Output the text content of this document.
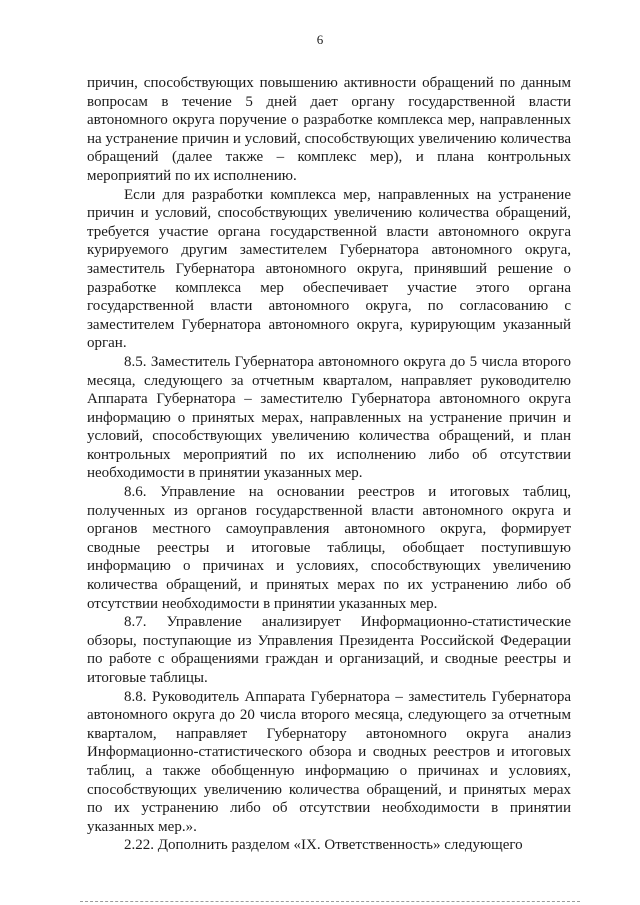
6

причин, способствующих повышению активности обращений по данным вопросам в течение 5 дней дает органу государственной власти автономного округа поручение о разработке комплекса мер, направленных на устранение причин и условий, способствующих увеличению количества обращений (далее также – комплекс мер), и плана контрольных мероприятий по их исполнению.

Если для разработки комплекса мер, направленных на устранение причин и условий, способствующих увеличению количества обращений, требуется участие органа государственной власти автономного округа курируемого другим заместителем Губернатора автономного округа, заместитель Губернатора автономного округа, принявший решение о разработке комплекса мер обеспечивает участие этого органа государственной власти автономного округа, по согласованию с заместителем Губернатора автономного округа, курирующим указанный орган.

8.5. Заместитель Губернатора автономного округа до 5 числа второго месяца, следующего за отчетным кварталом, направляет руководителю Аппарата Губернатора – заместителю Губернатора автономного округа информацию о принятых мерах, направленных на устранение причин и условий, способствующих увеличению количества обращений, и план контрольных мероприятий по их исполнению либо об отсутствии необходимости в принятии указанных мер.

8.6. Управление на основании реестров и итоговых таблиц, полученных из органов государственной власти автономного округа и органов местного самоуправления автономного округа, формирует сводные реестры и итоговые таблицы, обобщает поступившую информацию о причинах и условиях, способствующих увеличению количества обращений, и принятых мерах по их устранению либо об отсутствии необходимости в принятии указанных мер.

8.7. Управление анализирует Информационно-статистические обзоры, поступающие из Управления Президента Российской Федерации по работе с обращениями граждан и организаций, и сводные реестры и итоговые таблицы.

8.8. Руководитель Аппарата Губернатора – заместитель Губернатора автономного округа до 20 числа второго месяца, следующего за отчетным кварталом, направляет Губернатору автономного округа анализ Информационно-статистического обзора и сводных реестров и итоговых таблиц, а также обобщенную информацию о причинах и условиях, способствующих увеличению количества обращений, и принятых мерах по их устранению либо об отсутствии необходимости в принятии указанных мер.».

2.22. Дополнить разделом «IX. Ответственность» следующего
